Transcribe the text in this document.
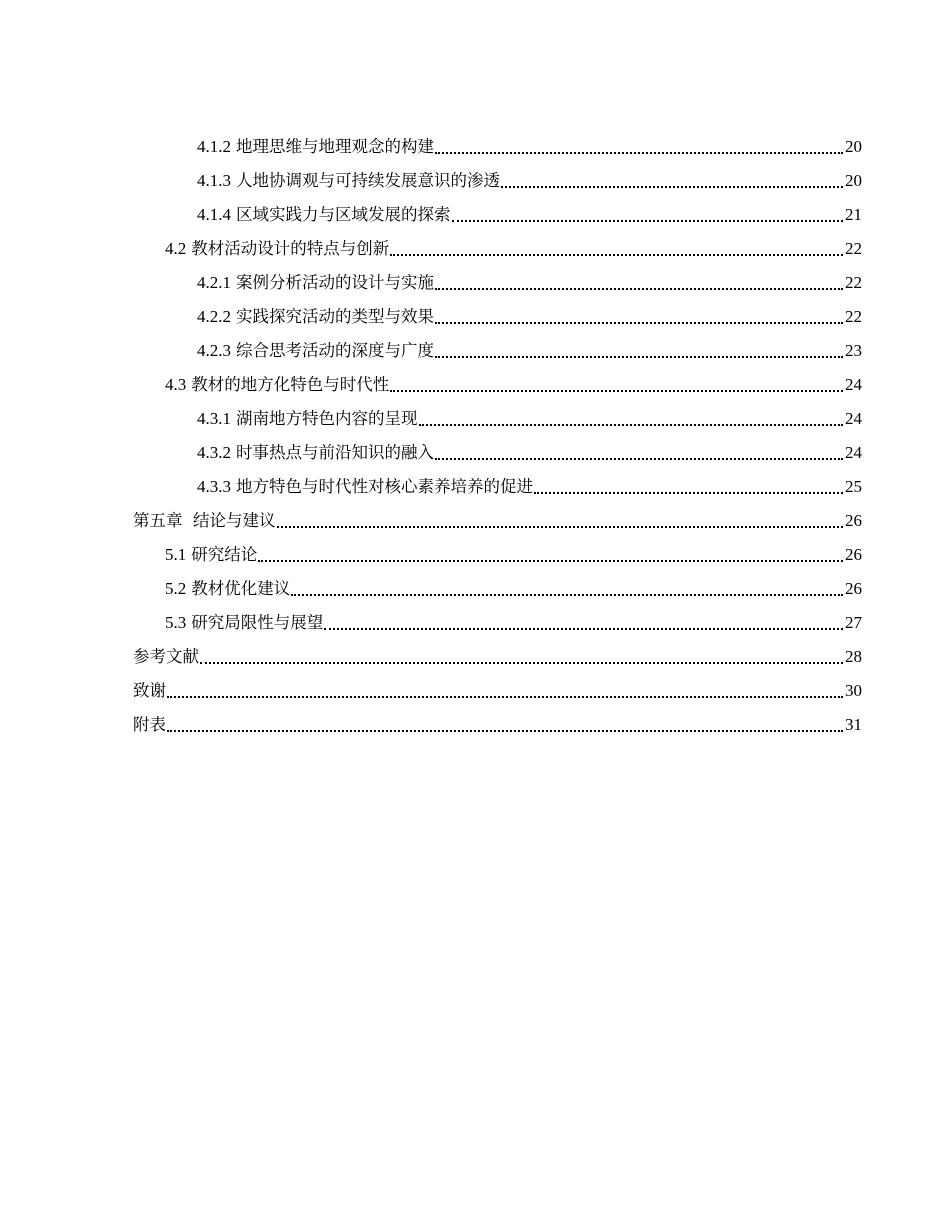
4.1.2 地理思维与地理观念的构建	20
4.1.3 人地协调观与可持续发展意识的渗透	20
4.1.4 区域实践力与区域发展的探索	21
4.2 教材活动设计的特点与创新	22
4.2.1 案例分析活动的设计与实施	22
4.2.2 实践探究活动的类型与效果	22
4.2.3 综合思考活动的深度与广度	23
4.3 教材的地方化特色与时代性	24
4.3.1 湖南地方特色内容的呈现	24
4.3.2 时事热点与前沿知识的融入	24
4.3.3 地方特色与时代性对核心素养培养的促进	25
第五章  结论与建议	26
5.1 研究结论	26
5.2 教材优化建议	26
5.3 研究局限性与展望	27
参考文献	28
致谢	30
附表	31
